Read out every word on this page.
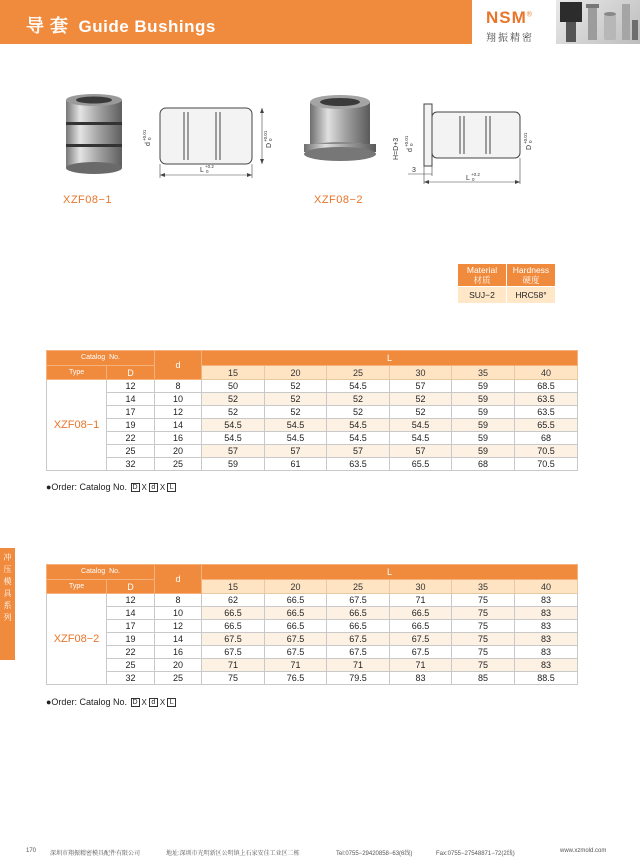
导 套 Guide Bushings	NSM®
翔振精密
L
+0.2
0
d
+0.01 0
D
+0.01 0
XZF08−1
3
L
+0.2
0
H=D+3 d
+0.01 0
D
+0.01 0
XZF08−2
Material
材质	Hardness
硬度
SUJ−2	HRC58°
Catalog No.		d	L					
Type	D		15	20	25	30	35	40
XZF08−1	12	8	50	52	54.5	57	59	68.5
	14	10	52	52	52	52	59	63.5
	17	12	52	52	52	52	59	63.5
	19	14	54.5	54.5	54.5	54.5	59	65.5
	22	16	54.5	54.5	54.5	54.5	59	68
	25	20	57	57	57	57	59	70.5
	32	25	59	61	63.5	65.5	68	70.5
●Order: Catalog No. D X d X L
Catalog No.		d	L					
Type	D		15	20	25	30	35	40
XZF08−2	12	8	62	66.5	67.5	71	75	83
	14	10	66.5	66.5	66.5	66.5	75	83
	17	12	66.5	66.5	66.5	66.5	75	83
	19	14	67.5	67.5	67.5	67.5	75	83
	22	16	67.5	67.5	67.5	67.5	75	83
	25	20	71	71	71	71	75	83
	32	25	75	76.5	79.5	83	85	88.5
●Order: Catalog No. D X d X L
冲
压
模
具
系
列
170 深圳市翔振精密模具配件有限公司	地址:深圳市光明新区公明镇上石家安佳工业区二栋	Tel:0755−29420858−63(6线)	Fax:0755−27548871−72(2线)	www.xzmold.com
